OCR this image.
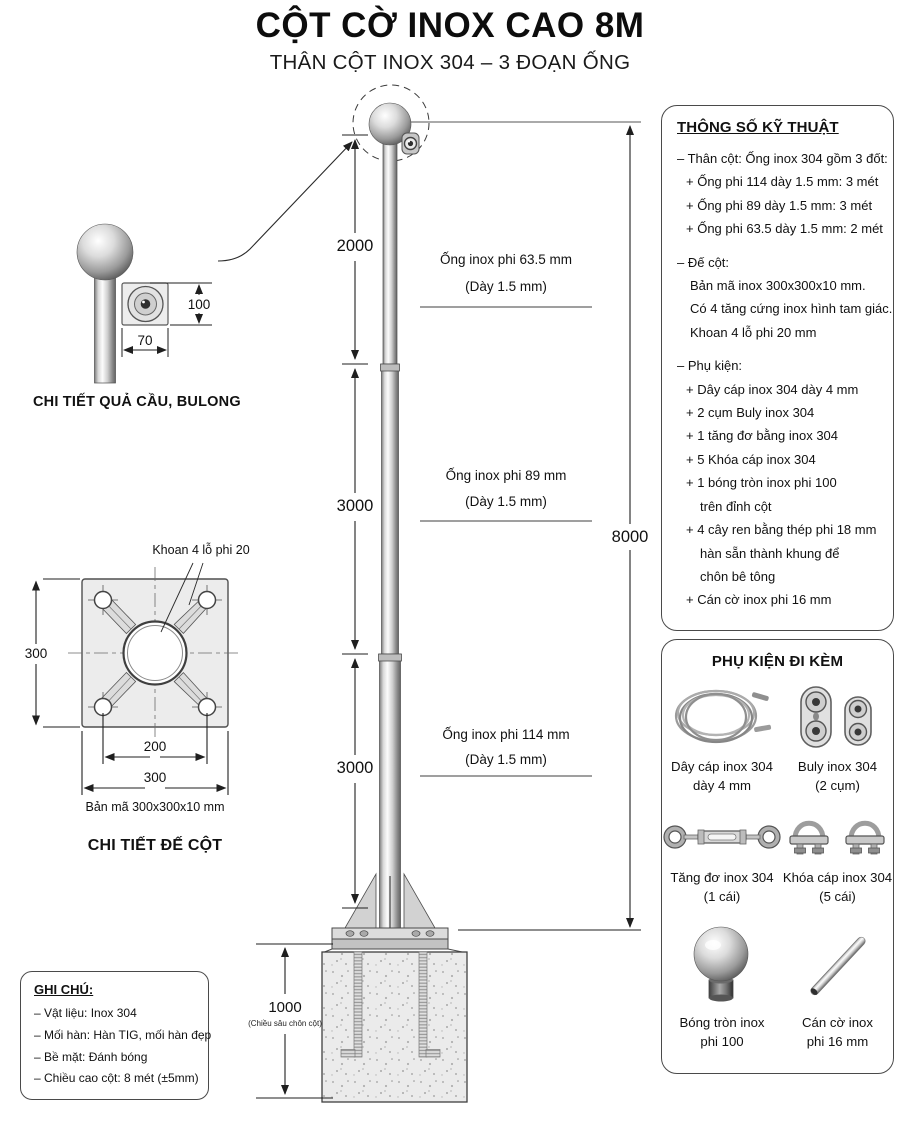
CỘT CỜ INOX CAO 8M
THÂN CỘT INOX 304 – 3 ĐOẠN ỐNG
2000
3000
3000
8000
1000
(Chiều sâu chôn cột)
100
70
Ống inox phi 63.5 mm
(Dày 1.5 mm)
Ống inox phi 89 mm
(Dày 1.5 mm)
Ống inox phi 114 mm
(Dày 1.5 mm)
Khoan 4 lỗ phi 20
300
200
300
Bản mã 300x300x10 mm
CHI TIẾT ĐẾ CỘT
CHI TIẾT QUẢ CẦU, BULONG
THÔNG SỐ KỸ THUẬT
– Thân cột: Ống inox 304 gồm 3 đốt:
+ Ống phi 114 dày 1.5 mm: 3 mét
+ Ống phi 89 dày 1.5 mm: 3 mét
+ Ống phi 63.5 dày 1.5 mm: 2 mét
– Đế cột:
Bản mã inox 300x300x10 mm.
Có 4 tăng cứng inox hình tam giác.
Khoan 4 lỗ phi 20 mm
– Phụ kiện:
+ Dây cáp inox 304 dày 4 mm
+ 2 cụm Buly inox 304
+ 1 tăng đơ bằng inox 304
+ 5 Khóa cáp inox 304
+ 1 bóng tròn inox phi 100
trên đỉnh cột
+ 4 cây ren bằng thép phi 18 mm
hàn sẵn thành khung để
chôn bê tông
+ Cán cờ inox phi 16 mm
PHỤ KIỆN ĐI KÈM
Dây cáp inox 304
dày 4 mm
Buly inox 304
(2 cụm)
Tăng đơ inox 304
(1 cái)
Khóa cáp inox 304
(5 cái)
Bóng tròn inox
phi 100
Cán cờ inox
phi 16 mm
GHI CHÚ:
– Vật liệu: Inox 304
– Mối hàn: Hàn TIG, mối hàn đẹp
– Bề mặt: Đánh bóng
– Chiều cao cột: 8 mét (±5mm)
